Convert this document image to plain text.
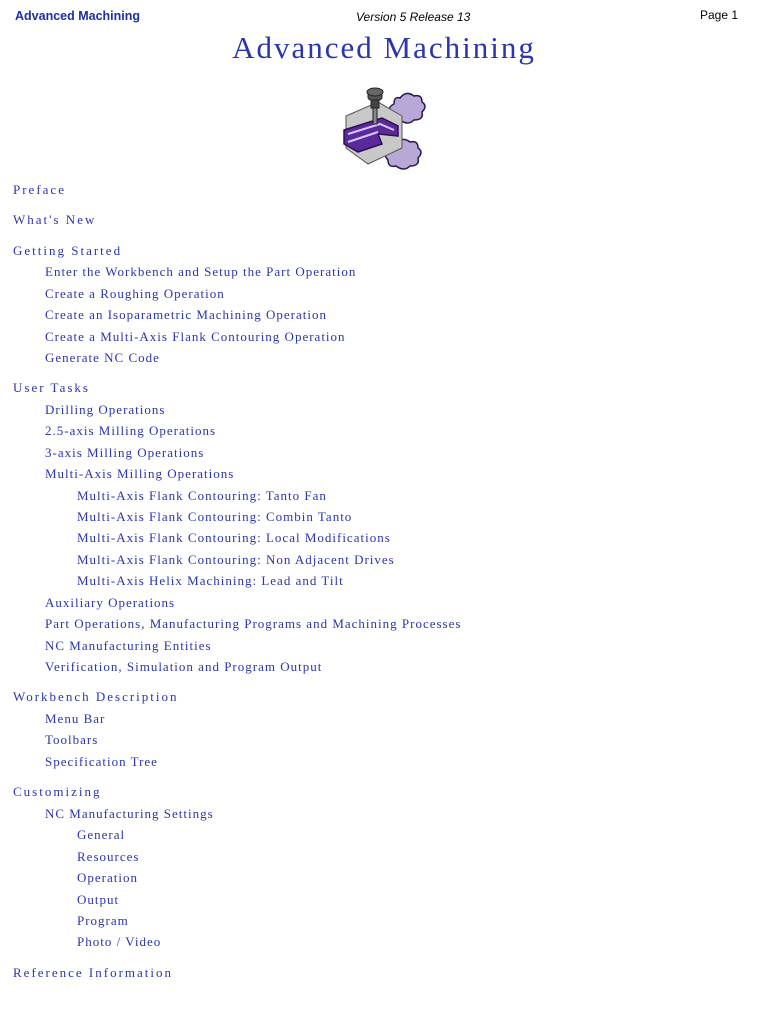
Advanced Machining	Version 5 Release 13	Page 1
Advanced Machining
Preface
What's New
Getting Started
Enter the Workbench and Setup the Part Operation
Create a Roughing Operation
Create an Isoparametric Machining Operation
Create a Multi-Axis Flank Contouring Operation
Generate NC Code
User Tasks
Drilling Operations
2.5-axis Milling Operations
3-axis Milling Operations
Multi-Axis Milling Operations
Multi-Axis Flank Contouring: Tanto Fan
Multi-Axis Flank Contouring: Combin Tanto
Multi-Axis Flank Contouring: Local Modifications
Multi-Axis Flank Contouring: Non Adjacent Drives
Multi-Axis Helix Machining: Lead and Tilt
Auxiliary Operations
Part Operations, Manufacturing Programs and Machining Processes
NC Manufacturing Entities
Verification, Simulation and Program Output
Workbench Description
Menu Bar
Toolbars
Specification Tree
Customizing
NC Manufacturing Settings
General
Resources
Operation
Output
Program
Photo / Video
Reference Information
